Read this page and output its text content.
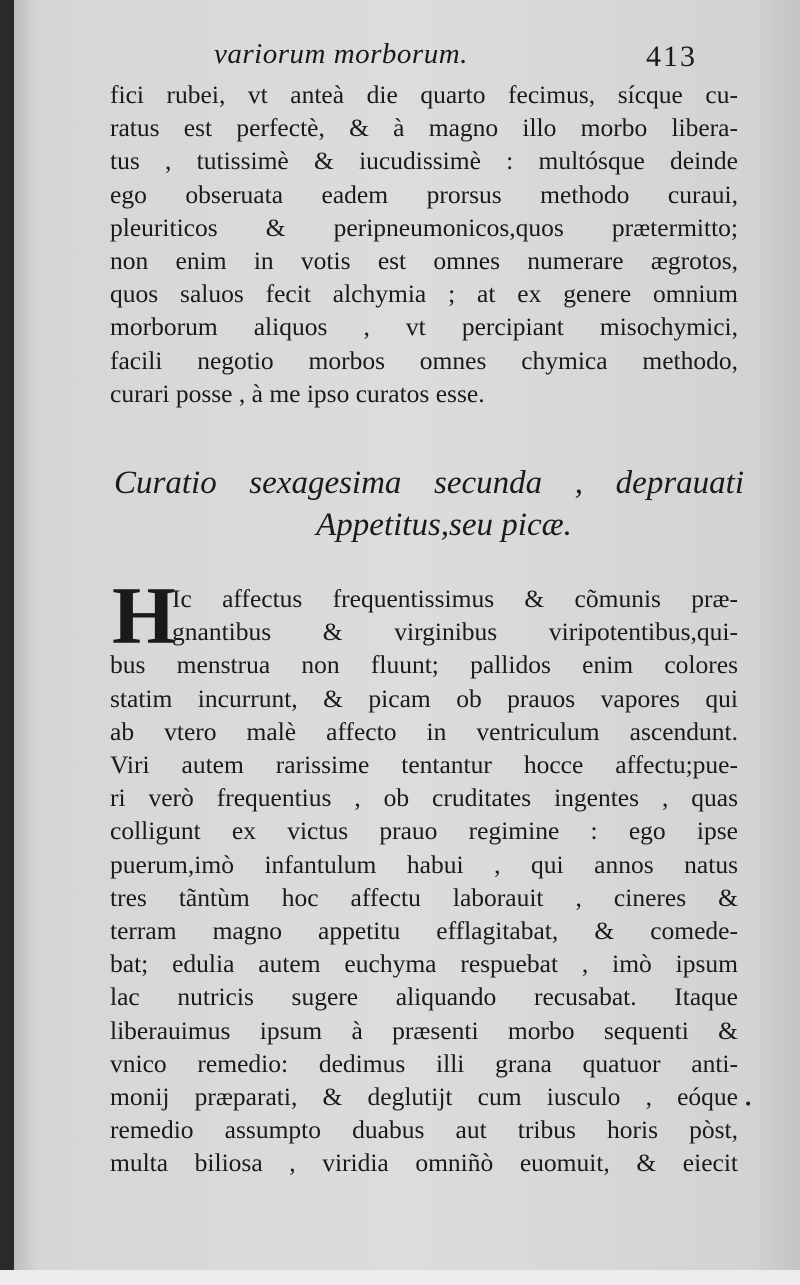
variorum morborum.	413
fici rubei, vt anteà die quarto fecimus, sícque cu-
ratus est perfectè, & à magno illo morbo libera-
tus , tutissimè & iucudissimè : multósque deinde
ego obseruata eadem prorsus methodo curaui,
pleuriticos & peripneumonicos,quos prætermitto;
non enim in votis est omnes numerare ægrotos,
quos saluos fecit alchymia ; at ex genere omnium
morborum aliquos , vt percipiant misochymici,
facili negotio morbos omnes chymica methodo,
curari posse , à me ipso curatos esse.
Curatio sexagesima secunda , deprauati
Appetitus,seu picæ.
H
Ic affectus frequentissimus & cõmunis præ-
gnantibus & virginibus viripotentibus,qui-
bus menstrua non fluunt; pallidos enim colores
statim incurrunt, & picam ob prauos vapores qui
ab vtero malè affecto in ventriculum ascendunt.
Viri autem rarissime tentantur hocce affectu;pue-
ri verò frequentius , ob cruditates ingentes , quas
colligunt ex victus prauo regimine : ego ipse
puerum,imò infantulum habui , qui annos natus
tres tãntùm hoc affectu laborauit , cineres &
terram magno appetitu efflagitabat, & comede-
bat; edulia autem euchyma respuebat , imò ipsum
lac nutricis sugere aliquando recusabat. Itaque
liberauimus ipsum à præsenti morbo sequenti &
vnico remedio: dedimus illi grana quatuor anti-
monij præparati, & deglutijt cum iusculo , eóque
remedio assumpto duabus aut tribus horis pòst,
multa biliosa , viridia omniñò euomuit, & eiecit
•
